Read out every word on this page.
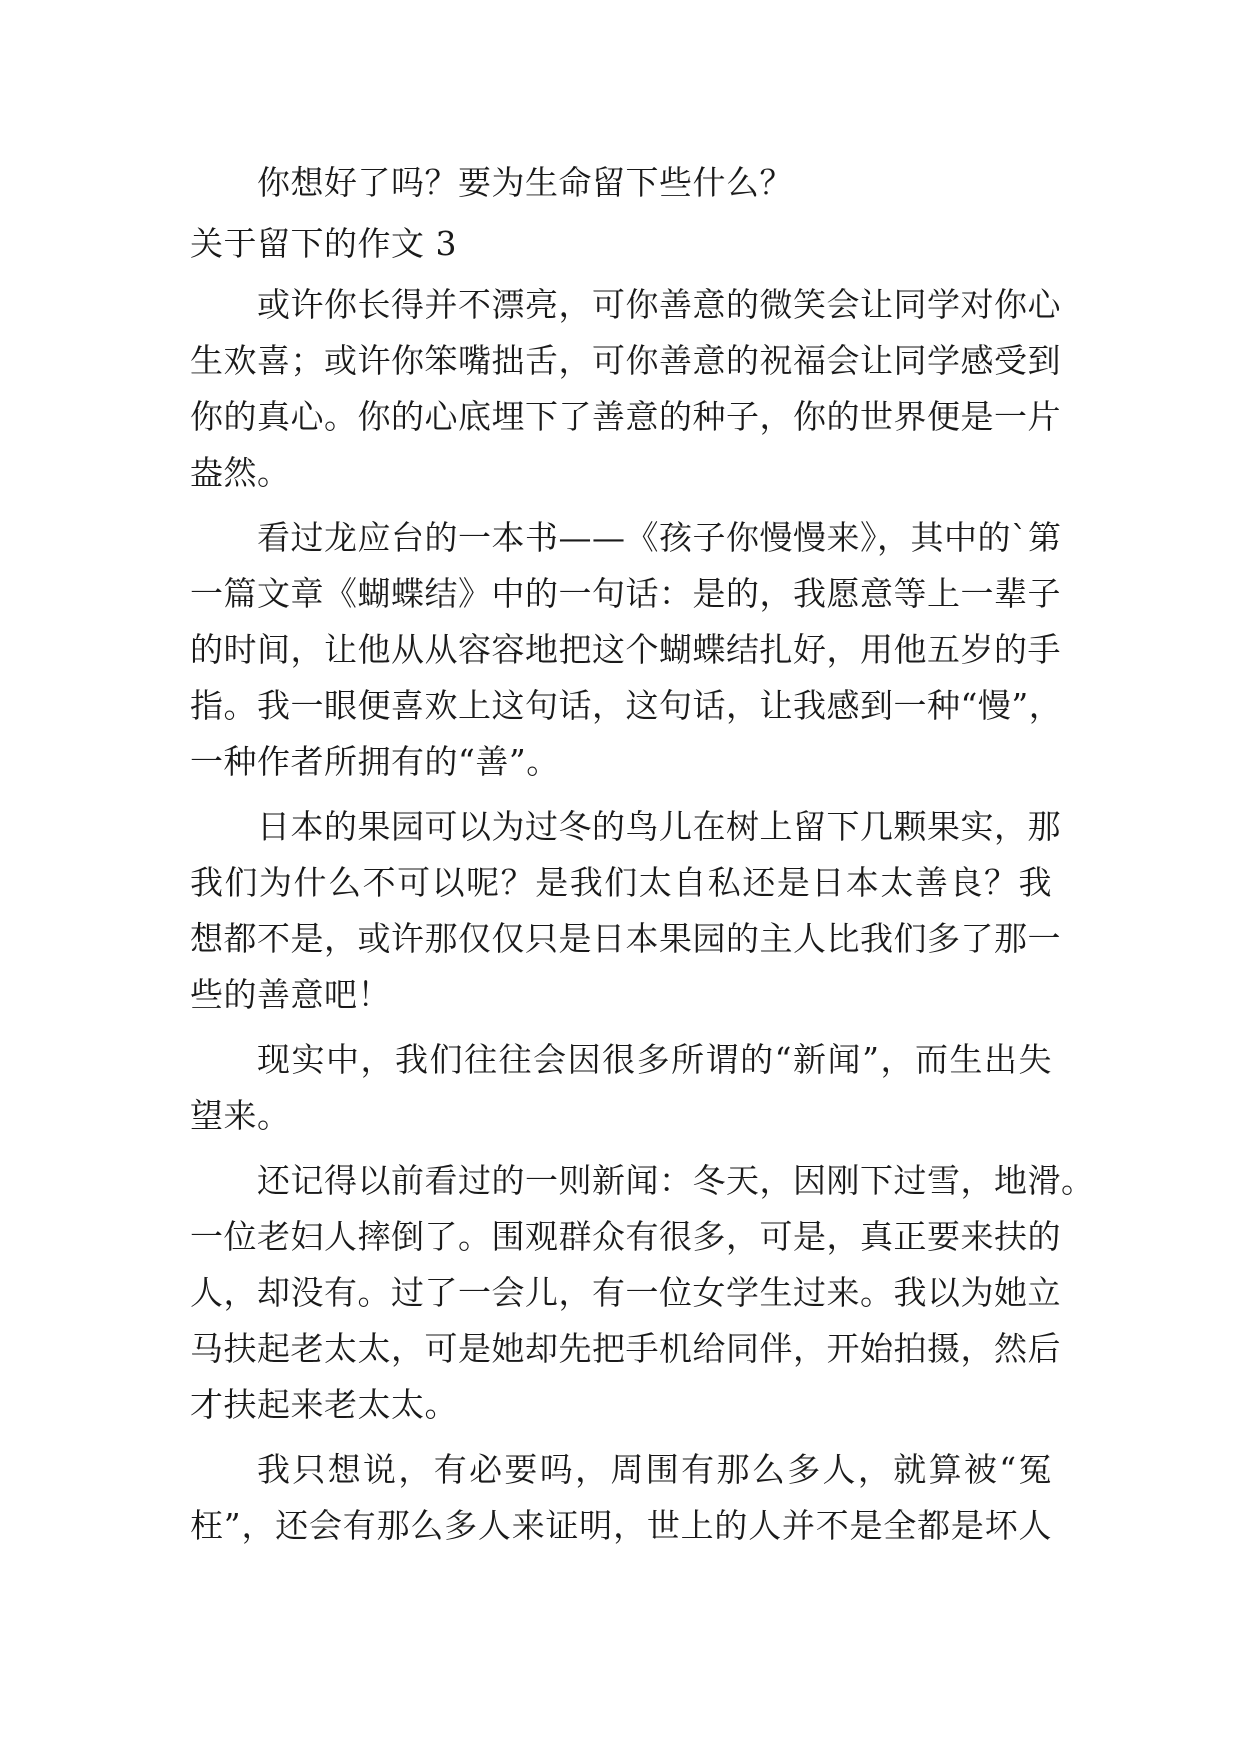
你想好了吗？要为生命留下些什么？
关于留下的作文 3
或许你长得并不漂亮，可你善意的微笑会让同学对你心
生欢喜；或许你笨嘴拙舌，可你善意的祝福会让同学感受到
你的真心。你的心底埋下了善意的种子，你的世界便是一片
盎然。
看过龙应台的一本书——《孩子你慢慢来》，其中的`第
一篇文章《蝴蝶结》中的一句话：是的，我愿意等上一辈子
的时间，让他从从容容地把这个蝴蝶结扎好，用他五岁的手
指。我一眼便喜欢上这句话，这句话，让我感到一种“慢”，
一种作者所拥有的“善”。
日本的果园可以为过冬的鸟儿在树上留下几颗果实，那
我们为什么不可以呢？是我们太自私还是日本太善良？我
想都不是，或许那仅仅只是日本果园的主人比我们多了那一
些的善意吧！
现实中，我们往往会因很多所谓的“新闻”，而生出失
望来。
还记得以前看过的一则新闻：冬天，因刚下过雪，地滑。
一位老妇人摔倒了。围观群众有很多，可是，真正要来扶的
人，却没有。过了一会儿，有一位女学生过来。我以为她立
马扶起老太太，可是她却先把手机给同伴，开始拍摄，然后
才扶起来老太太。
我只想说，有必要吗，周围有那么多人，就算被“冤
枉”，还会有那么多人来证明，世上的人并不是全都是坏人
